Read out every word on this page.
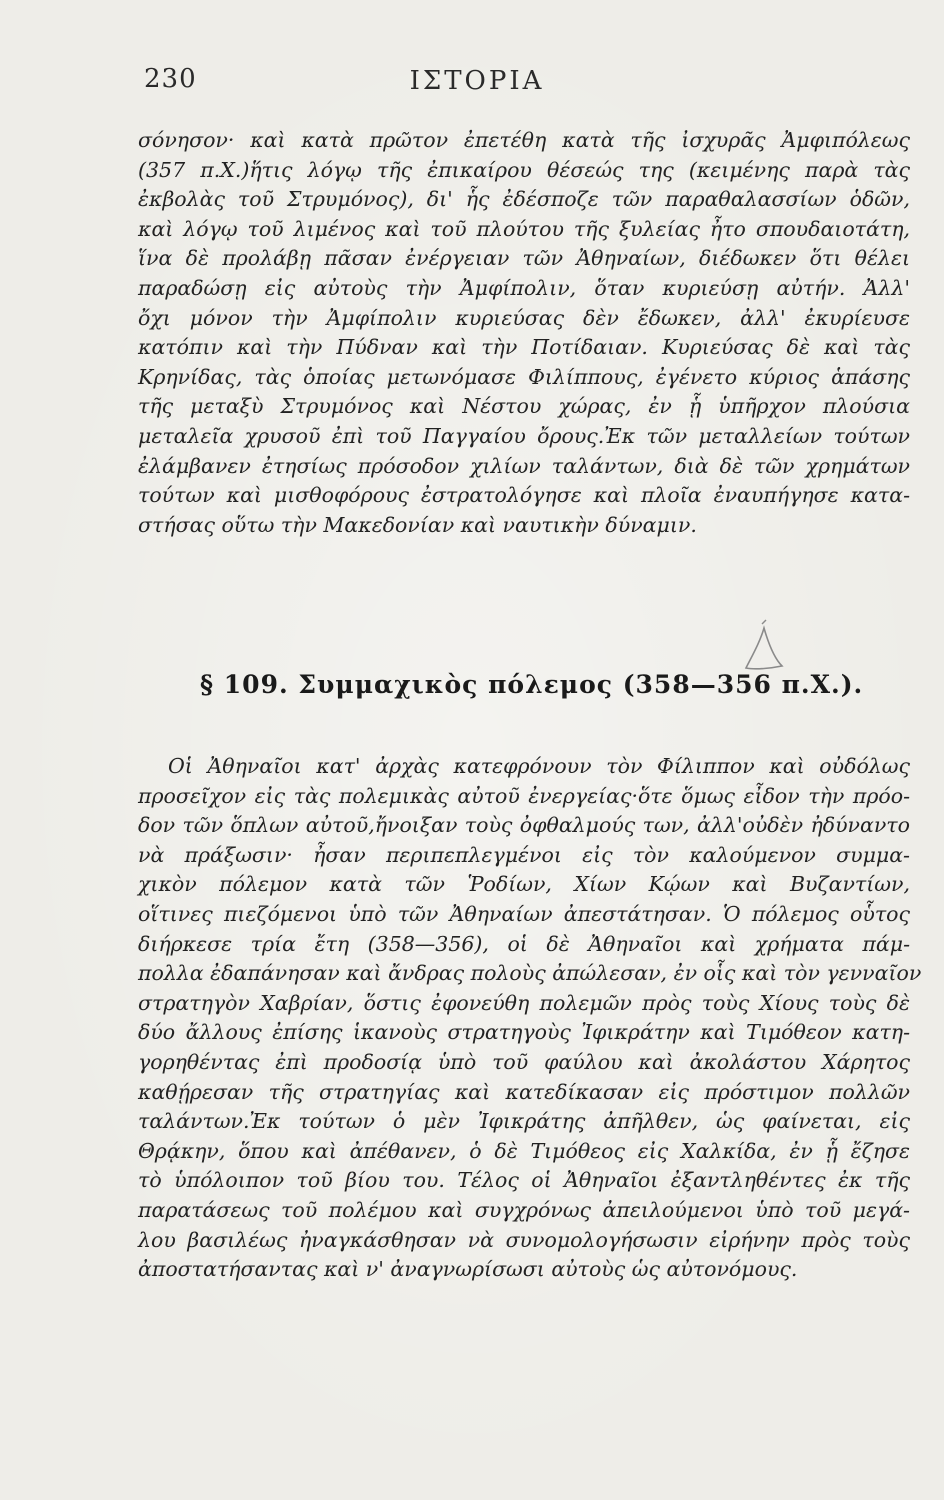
230	ΙΣΤΟΡΙΑ
σόνησον· καὶ κατὰ πρῶτον ἐπετέθη κατὰ τῆς ἰσχυρᾶς Ἀμφιπόλεως
(357 π.Χ.)ἥτις λόγῳ τῆς ἐπικαίρου θέσεώς της (κειμένης παρὰ τὰς
ἐκβολὰς τοῦ Στρυμόνος), δι' ἧς ἐδέσποζε τῶν παραθαλασσίων ὁδῶν,
καὶ λόγῳ τοῦ λιμένος καὶ τοῦ πλούτου τῆς ξυλείας ἦτο σπουδαιοτάτη,
ἵνα δὲ προλάβῃ πᾶσαν ἐνέργειαν τῶν Ἀθηναίων, διέδωκεν ὅτι θέλει
παραδώσῃ εἰς αὐτοὺς τὴν Ἀμφίπολιν, ὅταν κυριεύσῃ αὐτήν. Ἀλλ'
ὄχι μόνον τὴν Ἀμφίπολιν κυριεύσας δὲν ἔδωκεν, ἀλλ' ἐκυρίευσε
κατόπιν καὶ τὴν Πύδναν καὶ τὴν Ποτίδαιαν. Κυριεύσας δὲ καὶ τὰς
Κρηνίδας, τὰς ὁποίας μετωνόμασε Φιλίππους, ἐγένετο κύριος ἁπάσης
τῆς μεταξὺ Στρυμόνος καὶ Νέστου χώρας, ἐν ᾗ ὑπῆρχον πλούσια
μεταλεῖα χρυσοῦ ἐπὶ τοῦ Παγγαίου ὄρους.Ἐκ τῶν μεταλλείων τούτων
ἐλάμβανεν ἐτησίως πρόσοδον χιλίων ταλάντων, διὰ δὲ τῶν χρημάτων
τούτων καὶ μισθοφόρους ἐστρατολόγησε καὶ πλοῖα ἐναυπήγησε κατα-
στήσας οὕτω τὴν Μακεδονίαν καὶ ναυτικὴν δύναμιν.
§ 109. Συμμαχικὸς πόλεμος (358—356 π.Χ.).
Οἱ Ἀθηναῖοι κατ' ἀρχὰς κατεφρόνουν τὸν Φίλιππον καὶ οὐδόλως
προσεῖχον εἰς τὰς πολεμικὰς αὐτοῦ ἐνεργείας·ὅτε ὅμως εἶδον τὴν πρόο-
δον τῶν ὅπλων αὐτοῦ,ἤνοιξαν τοὺς ὀφθαλμούς των, ἀλλ'οὐδὲν ἠδύναντο
νὰ πράξωσιν· ἦσαν περιπεπλεγμένοι εἰς τὸν καλούμενον συμμα-
χικὸν πόλεμον κατὰ τῶν Ῥοδίων, Χίων Κῴων καὶ Βυζαντίων,
οἵτινες πιεζόμενοι ὑπὸ τῶν Ἀθηναίων ἀπεστάτησαν. Ὁ πόλεμος οὗτος
διήρκεσε τρία ἔτη (358—356), οἱ δὲ Ἀθηναῖοι καὶ χρήματα πάμ-
πολλα ἐδαπάνησαν καὶ ἄνδρας πολοὺς ἀπώλεσαν, ἐν οἷς καὶ τὸν γενναῖον
στρατηγὸν Χαβρίαν, ὅστις ἐφονεύθη πολεμῶν πρὸς τοὺς Χίους τοὺς δὲ
δύο ἄλλους ἐπίσης ἱκανοὺς στρατηγοὺς Ἰφικράτην καὶ Τιμόθεον κατη-
γορηθέντας ἐπὶ προδοσίᾳ ὑπὸ τοῦ φαύλου καὶ ἀκολάστου Χάρητος
καθῄρεσαν τῆς στρατηγίας καὶ κατεδίκασαν εἰς πρόστιμον πολλῶν
ταλάντων.Ἐκ τούτων ὁ μὲν Ἰφικράτης ἀπῆλθεν, ὡς φαίνεται, εἰς
Θρᾴκην, ὅπου καὶ ἀπέθανεν, ὁ δὲ Τιμόθεος εἰς Χαλκίδα, ἐν ᾗ ἔζησε
τὸ ὑπόλοιπον τοῦ βίου του. Τέλος οἱ Ἀθηναῖοι ἐξαντληθέντες ἐκ τῆς
παρατάσεως τοῦ πολέμου καὶ συγχρόνως ἀπειλούμενοι ὑπὸ τοῦ μεγά-
λου βασιλέως ἠναγκάσθησαν νὰ συνομολογήσωσιν εἰρήνην πρὸς τοὺς
ἀποστατήσαντας καὶ ν' ἀναγνωρίσωσι αὐτοὺς ὡς αὐτονόμους.
